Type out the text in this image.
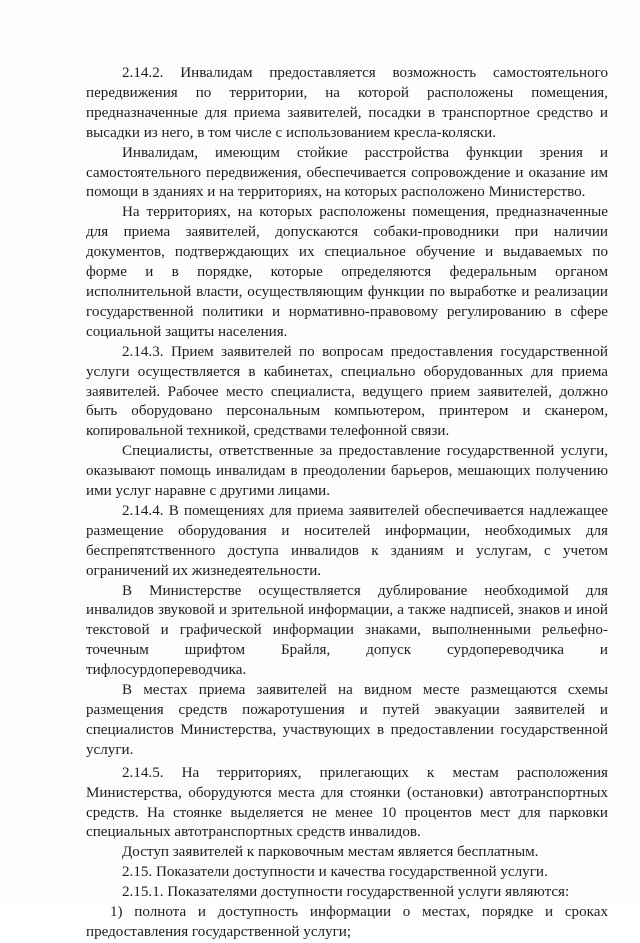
2.14.2. Инвалидам предоставляется возможность самостоятельного передвижения по территории, на которой расположены помещения, предназначенные для приема заявителей, посадки в транспортное средство и высадки из него, в том числе с использованием кресла-коляски.

Инвалидам, имеющим стойкие расстройства функции зрения и самостоятельного передвижения, обеспечивается сопровождение и оказание им помощи в зданиях и на территориях, на которых расположено Министерство.

На территориях, на которых расположены помещения, предназначенные для приема заявителей, допускаются собаки-проводники при наличии документов, подтверждающих их специальное обучение и выдаваемых по форме и в порядке, которые определяются федеральным органом исполнительной власти, осуществляющим функции по выработке и реализации государственной политики и нормативно-правовому регулированию в сфере социальной защиты населения.

2.14.3. Прием заявителей по вопросам предоставления государственной услуги осуществляется в кабинетах, специально оборудованных для приема заявителей. Рабочее место специалиста, ведущего прием заявителей, должно быть оборудовано персональным компьютером, принтером и сканером, копировальной техникой, средствами телефонной связи.

Специалисты, ответственные за предоставление государственной услуги, оказывают помощь инвалидам в преодолении барьеров, мешающих получению ими услуг наравне с другими лицами.

2.14.4. В помещениях для приема заявителей обеспечивается надлежащее размещение оборудования и носителей информации, необходимых для беспрепятственного доступа инвалидов к зданиям и услугам, с учетом ограничений их жизнедеятельности.

В Министерстве осуществляется дублирование необходимой для инвалидов звуковой и зрительной информации, а также надписей, знаков и иной текстовой и графической информации знаками, выполненными рельефно-точечным шрифтом Брайля, допуск сурдопереводчика и тифлосурдопереводчика.

В местах приема заявителей на видном месте размещаются схемы размещения средств пожаротушения и путей эвакуации заявителей и специалистов Министерства, участвующих в предоставлении государственной услуги.

2.14.5. На территориях, прилегающих к местам расположения Министерства, оборудуются места для стоянки (остановки) автотранспортных средств. На стоянке выделяется не менее 10 процентов мест для парковки специальных автотранспортных средств инвалидов.

Доступ заявителей к парковочным местам является бесплатным.

2.15. Показатели доступности и качества государственной услуги.

2.15.1. Показателями доступности государственной услуги являются:

1) полнота и доступность информации о местах, порядке и сроках предоставления государственной услуги;
